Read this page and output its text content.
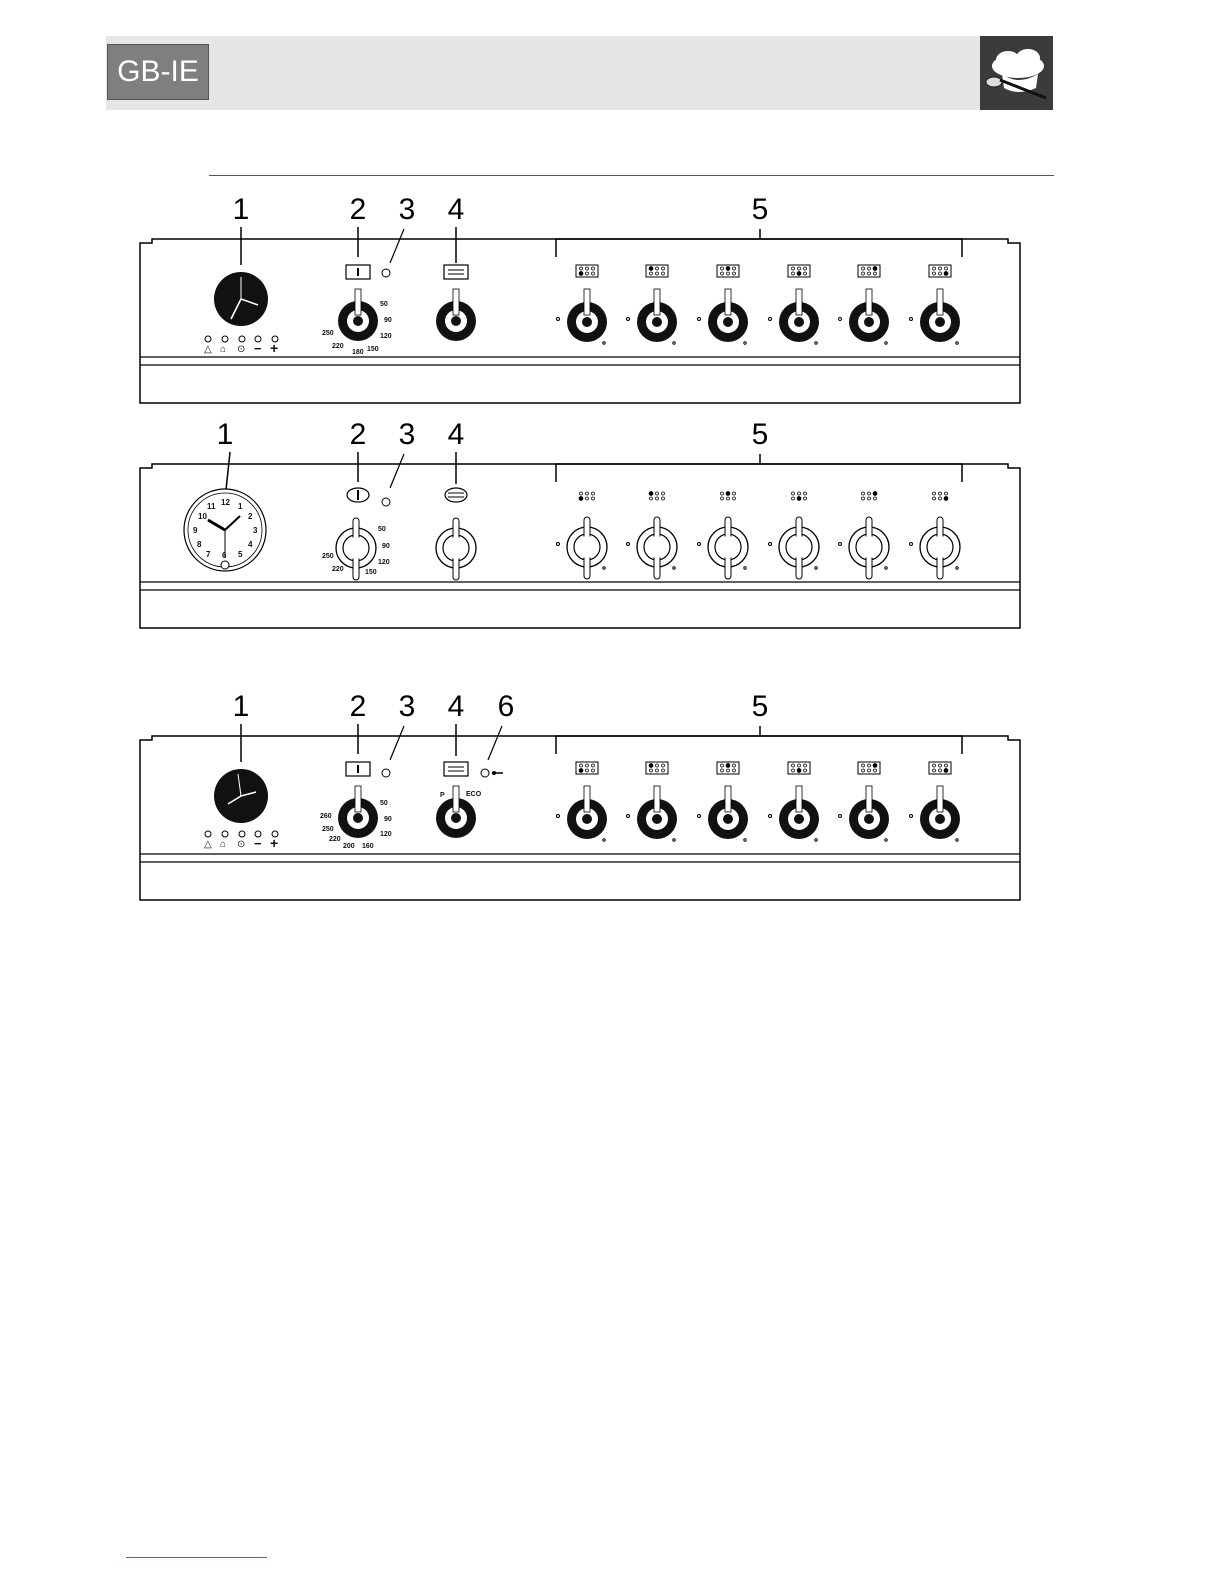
GB-IE
1	2 3 4	5
50
90
120
150
180
220
250
△ ⌂ ⊙ − +
1	2 3 4	5
12
3
6
9
10
1
2
4
5
7
8
11
50
90
120
150
220
250
1	2 3 4 6	5
50
90
120
160
200
220
250
260
P	ECO
△ ⌂ ⊙ − +
